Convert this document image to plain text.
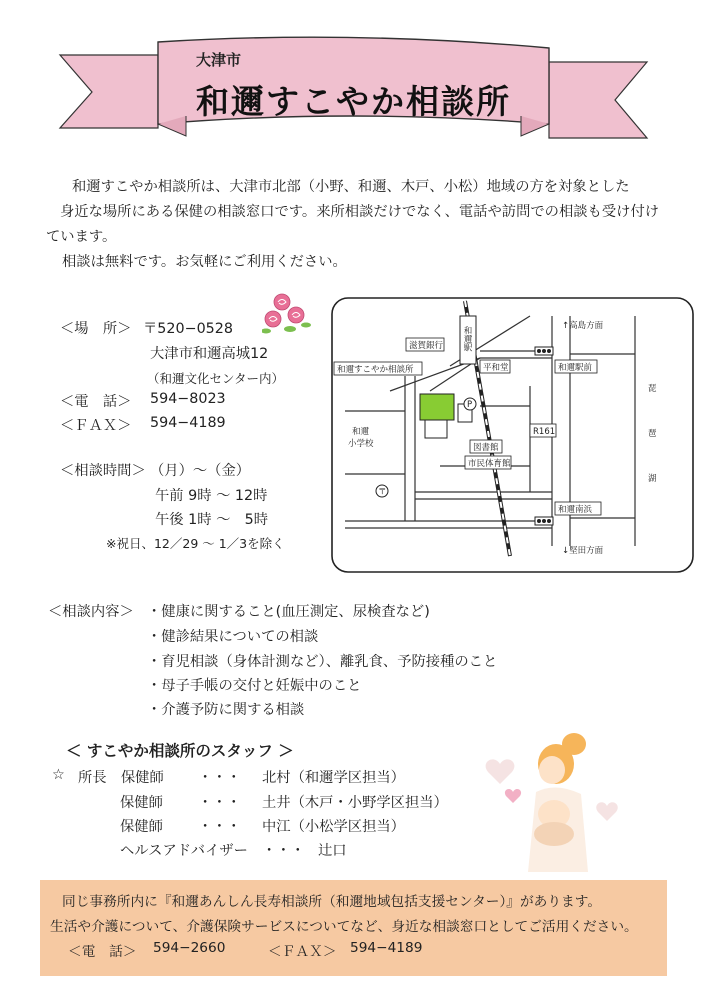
大津市
和邇すこやか相談所

和邇すこやか相談所は、大津市北部（小野、和邇、木戸、小松）地域の方を対象とした

身近な場所にある保健の相談窓口です。来所相談だけでなく、電話や訪問での相談も受け付け

ています。

相談は無料です。お気軽にご利用ください。

＜場　所＞ 〒520−0528
大津市和邇高城12
（和邇文化センター内）
＜電　話＞ 594−8023
＜ＦＡＸ＞ 594−4189
＜相談時間＞ （月）〜（金）
午前 9時 〜 12時
午後 1時 〜　5時
※祝日、12／29 〜 1／3を除く
↑高島方面
↓堅田方面
和邇駅
和邇駅前
和邇南浜
R161
滋賀銀行
平和堂
和邇すこやか相談所
図書館
市民体育館
和邇
小学校
琵
琶
湖
〒
P
＜相談内容＞ ・健康に関すること(血圧測定、尿検査など)
・健診結果についての相談
・育児相談（身体計測など）、離乳食、予防接種のこと
・母子手帳の交付と妊娠中のこと
・介護予防に関する相談
＜ すこやか相談所のスタッフ ＞
☆ 所長　保健師 ・・・ 北村（和邇学区担当）
保健師 ・・・ 土井（木戸・小野学区担当）
保健師 ・・・ 中江（小松学区担当）
ヘルスアドバイザー ・・・ 辻口
同じ事務所内に『和邇あんしん長寿相談所（和邇地域包括支援センター）』があります。
生活や介護について、介護保険サービスについてなど、身近な相談窓口としてご活用ください。
＜電　話＞ 594−2660	＜ＦＡＸ＞ 594−4189
